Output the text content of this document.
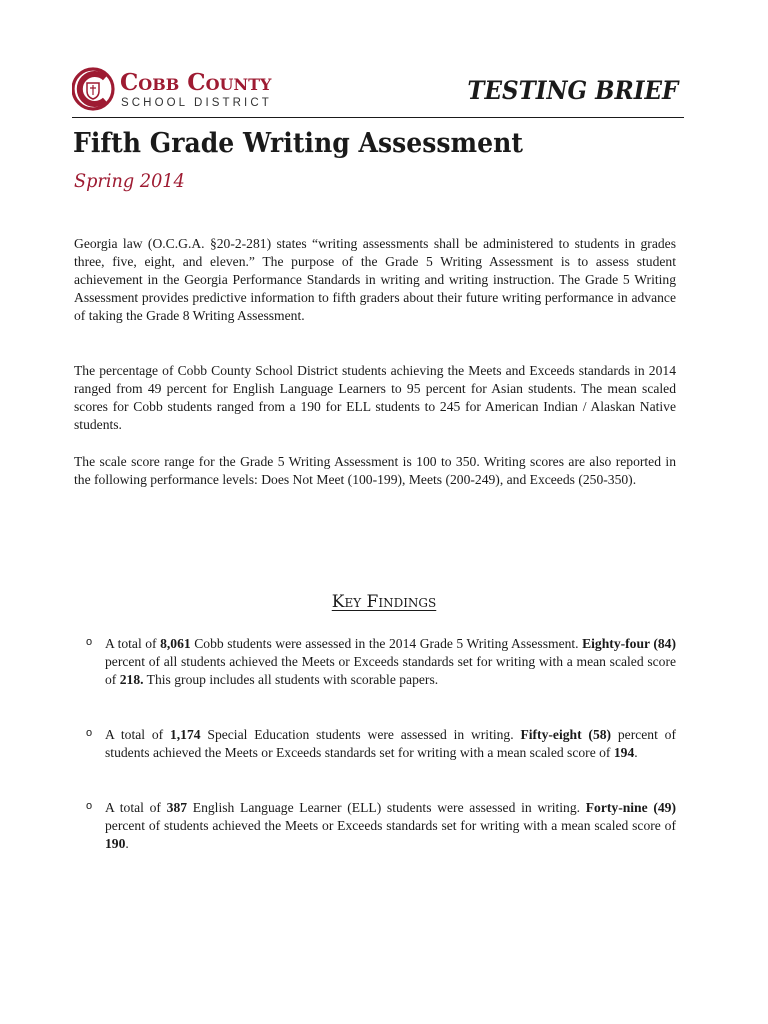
Cobb County
SCHOOL DISTRICT	TESTING BRIEF
Fifth Grade Writing Assessment
Spring 2014

Georgia law (O.C.G.A. §20-2-281) states “writing assessments shall be administered to students in grades three, five, eight, and eleven.” The purpose of the Grade 5 Writing Assessment is to assess student achievement in the Georgia Performance Standards in writing and writing instruction. The Grade 5 Writing Assessment provides predictive information to fifth graders about their future writing performance in advance of taking the Grade 8 Writing Assessment.

The percentage of Cobb County School District students achieving the Meets and Exceeds standards in 2014 ranged from 49 percent for English Language Learners to 95 percent for Asian students. The mean scaled scores for Cobb students ranged from a 190 for ELL students to 245 for American Indian / Alaskan Native students.

The scale score range for the Grade 5 Writing Assessment is 100 to 350. Writing scores are also reported in the following performance levels: Does Not Meet (100-199), Meets (200-249), and Exceeds (250-350).

Key Findings
o A total of 8,061 Cobb students were assessed in the 2014 Grade 5 Writing Assessment. Eighty-four (84) percent of all students achieved the Meets or Exceeds standards set for writing with a mean scaled score of 218. This group includes all students with scorable papers.

o A total of 1,174 Special Education students were assessed in writing. Fifty-eight (58) percent of students achieved the Meets or Exceeds standards set for writing with a mean scaled score of 194.

o A total of 387 English Language Learner (ELL) students were assessed in writing. Forty-nine (49) percent of students achieved the Meets or Exceeds standards set for writing with a mean scaled score of 190.
